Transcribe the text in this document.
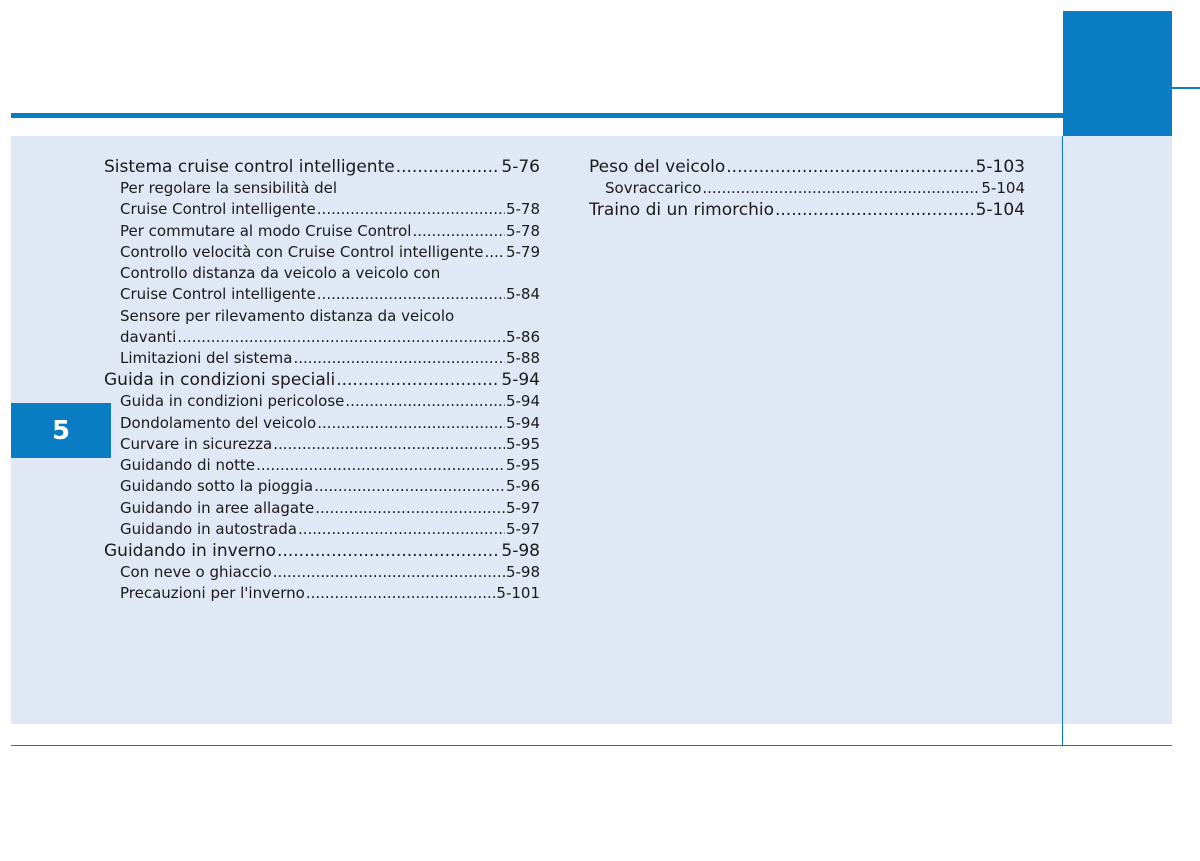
5
Sistema cruise control intelligente .....	5-76
Per regolare la sensibilità del
Cruise Control intelligente .....	5-78
Per commutare al modo Cruise Control .....	5-78
Controllo velocità con Cruise Control intelligente ..... 5-79
Controllo distanza da veicolo a veicolo con
Cruise Control intelligente .....	5-84
Sensore per rilevamento distanza da veicolo
davanti .....	5-86
Limitazioni del sistema .....	5-88
Guida in condizioni speciali .....	5-94
Guida in condizioni pericolose .....	5-94
Dondolamento del veicolo .....	5-94
Curvare in sicurezza .....	5-95
Guidando di notte .....	5-95
Guidando sotto la pioggia .....	5-96
Guidando in aree allagate .....	5-97
Guidando in autostrada .....	5-97
Guidando in inverno .....	5-98
Con neve o ghiaccio .....	5-98
Precauzioni per l'inverno .....	5-101
Peso del veicolo .....	5-103
Sovraccarico .....	5-104
Traino di un rimorchio .....	5-104
